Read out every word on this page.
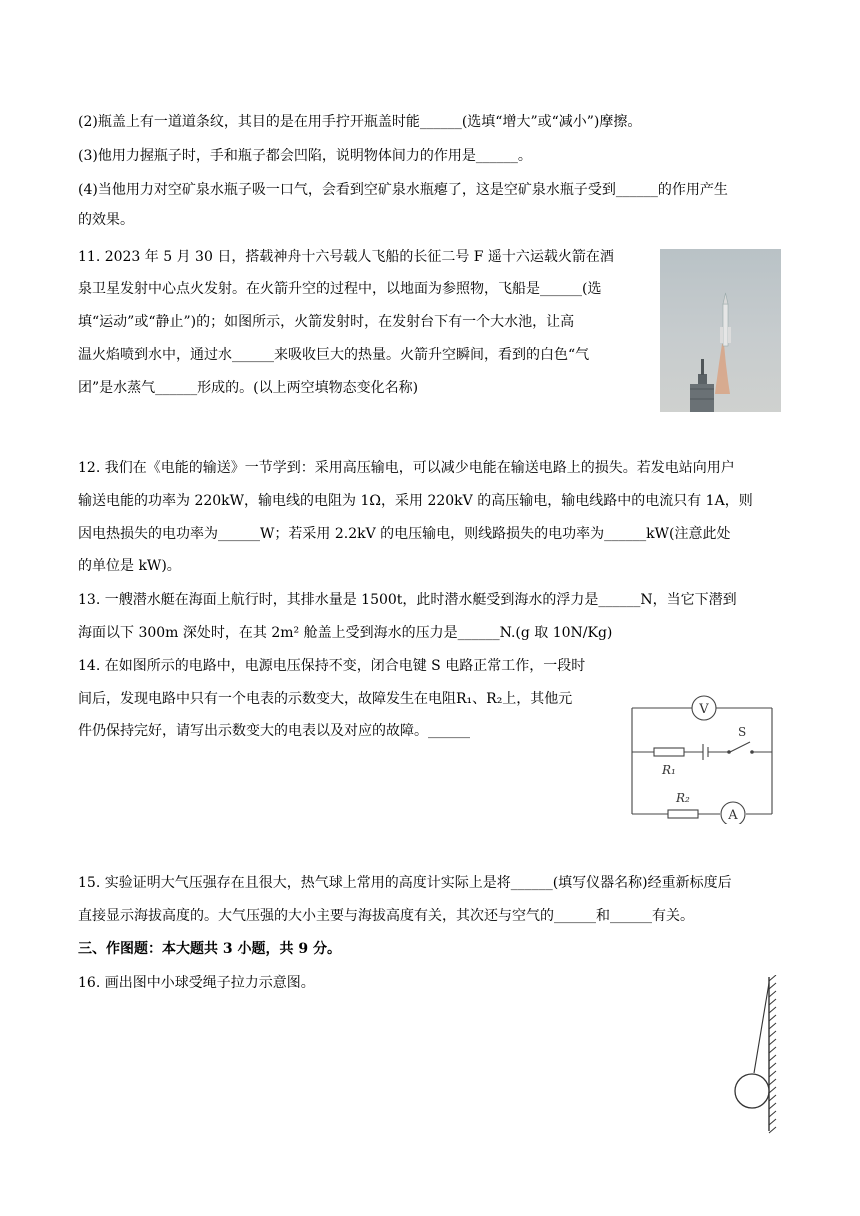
(2)瓶盖上有一道道条纹，其目的是在用手拧开瓶盖时能______(选填“增大”或“减小”)摩擦。
(3)他用力握瓶子时，手和瓶子都会凹陷，说明物体间力的作用是______。
(4)当他用力对空矿泉水瓶子吸一口气，会看到空矿泉水瓶瘪了，这是空矿泉水瓶子受到______的作用产生
的效果。
11. 2023 年 5 月 30 日，搭载神舟十六号载人飞船的长征二号 F 遥十六运载火箭在酒
泉卫星发射中心点火发射。在火箭升空的过程中，以地面为参照物，飞船是______(选
填“运动”或“静止”)的；如图所示，火箭发射时，在发射台下有一个大水池，让高
温火焰喷到水中，通过水______来吸收巨大的热量。火箭升空瞬间，看到的白色“气
团”是水蒸气______形成的。(以上两空填物态变化名称)
12. 我们在《电能的输送》一节学到：采用高压输电，可以减少电能在输送电路上的损失。若发电站向用户
输送电能的功率为 220kW，输电线的电阻为 1Ω，采用 220kV 的高压输电，输电线路中的电流只有 1A，则
因电热损失的电功率为______W；若采用 2.2kV 的电压输电，则线路损失的电功率为______kW(注意此处
的单位是 kW)。
13. 一艘潜水艇在海面上航行时，其排水量是 1500t，此时潜水艇受到海水的浮力是______N，当它下潜到
海面以下 300m 深处时，在其 2m² 舱盖上受到海水的压力是______N.(g 取 10N/Kg)
14. 在如图所示的电路中，电源电压保持不变，闭合电键 S 电路正常工作，一段时
间后，发现电路中只有一个电表的示数变大，故障发生在电阻R₁、R₂上，其他元
件仍保持完好，请写出示数变大的电表以及对应的故障。______
V
A
S
R₁
R₂
15. 实验证明大气压强存在且很大，热气球上常用的高度计实际上是将______(填写仪器名称)经重新标度后
直接显示海拔高度的。大气压强的大小主要与海拔高度有关，其次还与空气的______和______有关。
三、作图题：本大题共 3 小题，共 9 分。
16. 画出图中小球受绳子拉力示意图。
